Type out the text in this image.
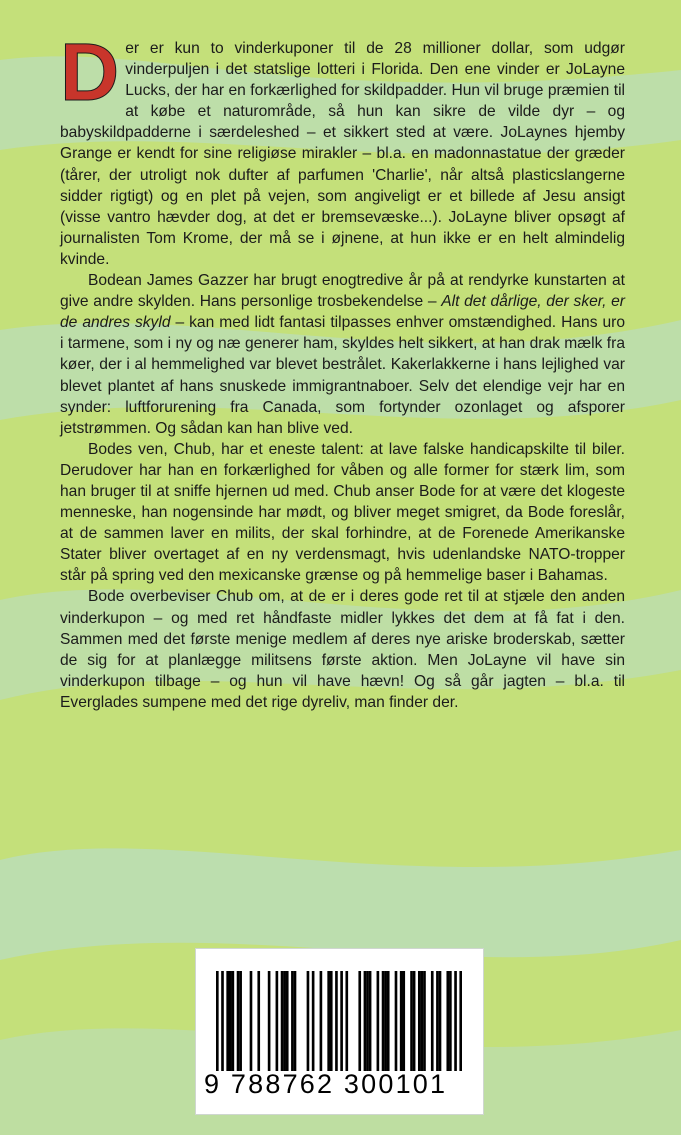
Der er kun to vinderkuponer til de 28 millioner dollar, som udgør vinderpuljen i det statslige lotteri i Florida. Den ene vinder er JoLayne Lucks, der har en forkærlighed for skildpadder. Hun vil bruge præmien til at købe et naturområde, så hun kan sikre de vilde dyr – og babyskildpadderne i særdeleshed – et sikkert sted at være. JoLaynes hjemby Grange er kendt for sine religiøse mirakler – bl.a. en madonnastatue der græder (tårer, der utroligt nok dufter af parfumen 'Charlie', når altså plasticslangerne sidder rigtigt) og en plet på vejen, som angiveligt er et billede af Jesu ansigt (visse vantro hævder dog, at det er bremsevæske...). JoLayne bliver opsøgt af journalisten Tom Krome, der må se i øjnene, at hun ikke er en helt almindelig kvinde.

Bodean James Gazzer har brugt enogtredive år på at rendyrke kunstarten at give andre skylden. Hans personlige trosbekendelse – Alt det dårlige, der sker, er de andres skyld – kan med lidt fantasi tilpasses enhver omstændighed. Hans uro i tarmene, som i ny og næ generer ham, skyldes helt sikkert, at han drak mælk fra køer, der i al hemmelighed var blevet bestrålet. Kakerlakkerne i hans lejlighed var blevet plantet af hans snuskede immigrantnaboer. Selv det elendige vejr har en synder: luftforurening fra Canada, som fortynder ozonlaget og afsporer jetstrømmen. Og sådan kan han blive ved.

Bodes ven, Chub, har et eneste talent: at lave falske handicapskilte til biler. Derudover har han en forkærlighed for våben og alle former for stærk lim, som han bruger til at sniffe hjernen ud med. Chub anser Bode for at være det klogeste menneske, han nogensinde har mødt, og bliver meget smigret, da Bode foreslår, at de sammen laver en milits, der skal forhindre, at de Forenede Amerikanske Stater bliver overtaget af en ny verdensmagt, hvis udenlandske NATO-tropper står på spring ved den mexicanske grænse og på hemmelige baser i Bahamas.

Bode overbeviser Chub om, at de er i deres gode ret til at stjæle den anden vinderkupon – og med ret håndfaste midler lykkes det dem at få fat i den. Sammen med det første menige medlem af deres nye ariske broderskab, sætter de sig for at planlægge militsens første aktion. Men JoLayne vil have sin vinderkupon tilbage – og hun vil have hævn! Og så går jagten – bl.a. til Everglades sumpene med det rige dyreliv, man finder der.

9 788762 300101
